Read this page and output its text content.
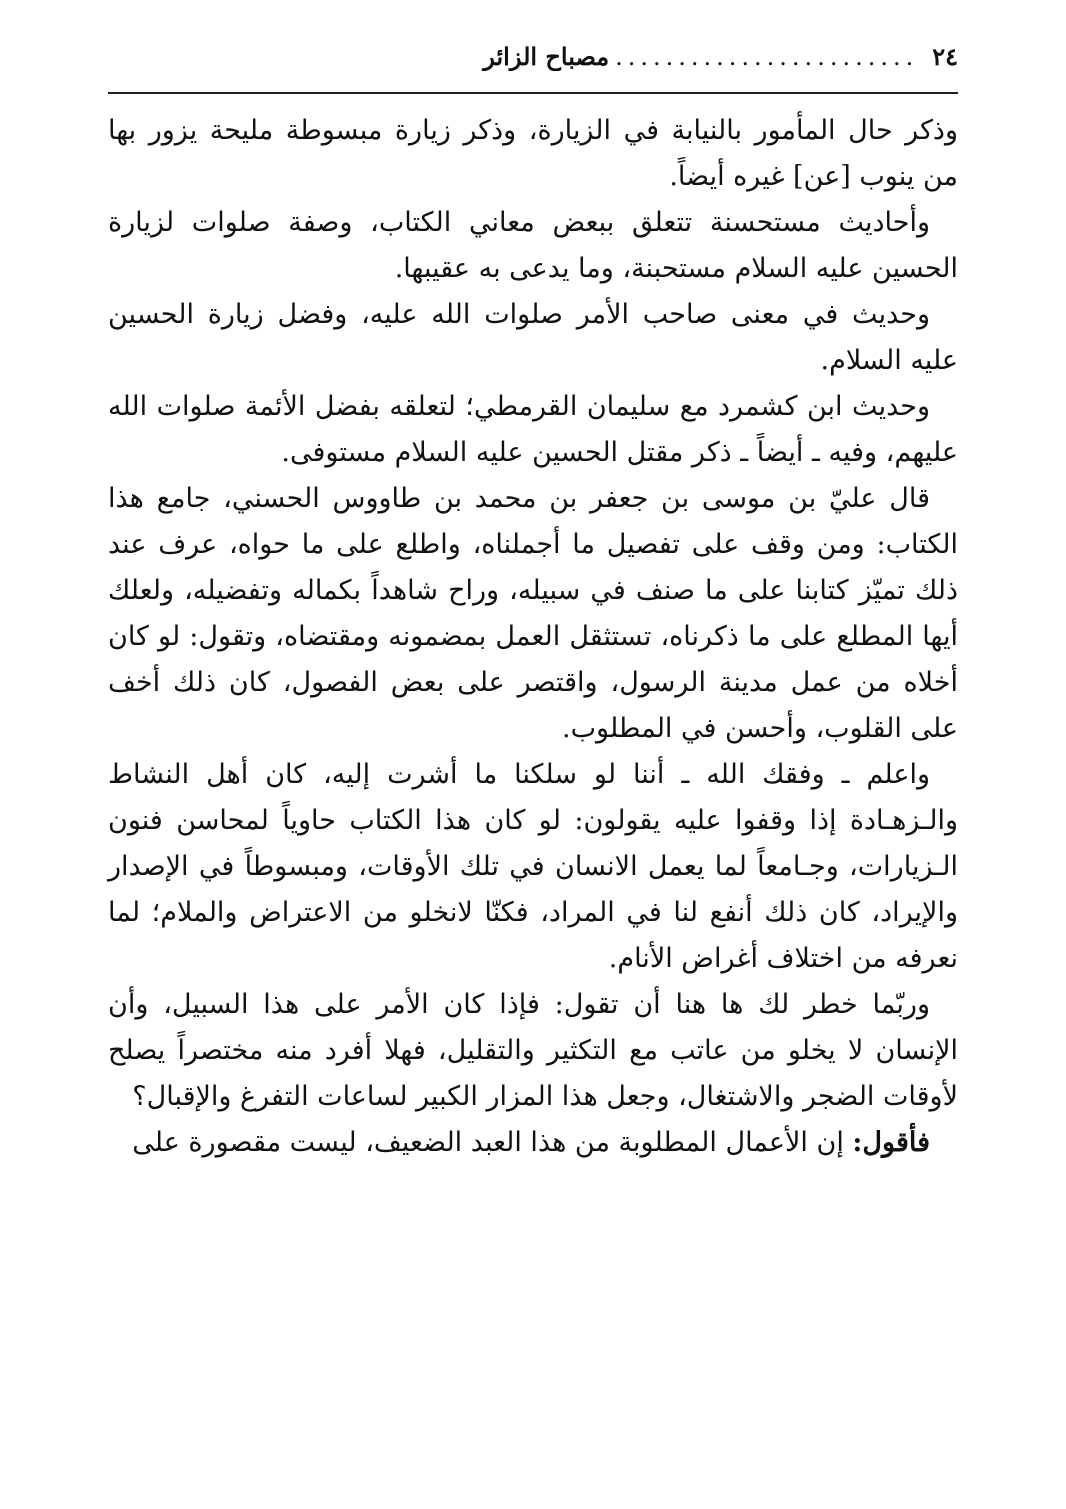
٢٤
........................
مصباح الزائر

وذكر حال المأمور بالنيابة في الزيارة، وذكر زيارة مبسوطة مليحة يزور بها من ينوب [عن] غيره أيضاً.

وأحاديث مستحسنة تتعلق ببعض معاني الكتاب، وصفة صلوات لزيارة الحسين عليه السلام مستحبنة، وما يدعى به عقيبها.

وحديث في معنى صاحب الأمر صلوات الله عليه، وفضل زيارة الحسين عليه السلام.

وحديث ابن كشمرد مع سليمان القرمطي؛ لتعلقه بفضل الأئمة صلوات الله عليهم، وفيه ـ أيضاً ـ ذكر مقتل الحسين عليه السلام مستوفى.

قال عليّ بن موسى بن جعفر بن محمد بن طاووس الحسني، جامع هذا الكتاب: ومن وقف على تفصيل ما أجملناه، واطلع على ما حواه، عرف عند ذلك تميّز كتابنا على ما صنف في سبيله، وراح شاهداً بكماله وتفضيله، ولعلك أيها المطلع على ما ذكرناه، تستثقل العمل بمضمونه ومقتضاه، وتقول: لو كان أخلاه من عمل مدينة الرسول، واقتصر على بعض الفصول، كان ذلك أخف على القلوب، وأحسن في المطلوب.

واعلم ـ وفقك الله ـ أننا لو سلكنا ما أشرت إليه، كان أهل النشاط والـزهـادة إذا وقفوا عليه يقولون: لو كان هذا الكتاب حاوياً لمحاسن فنون الـزيارات، وجـامعاً لما يعمل الانسان في تلك الأوقات، ومبسوطاً في الإصدار والإيراد، كان ذلك أنفع لنا في المراد، فكنّا لانخلو من الاعتراض والملام؛ لما نعرفه من اختلاف أغراض الأنام.

وربّما خطر لك ها هنا أن تقول: فإذا كان الأمر على هذا السبيل، وأن الإنسان لا يخلو من عاتب مع التكثير والتقليل، فهلا أفرد منه مختصراً يصلح لأوقات الضجر والاشتغال، وجعل هذا المزار الكبير لساعات التفرغ والإقبال؟

فأقول: إن الأعمال المطلوبة من هذا العبد الضعيف، ليست مقصورة على
